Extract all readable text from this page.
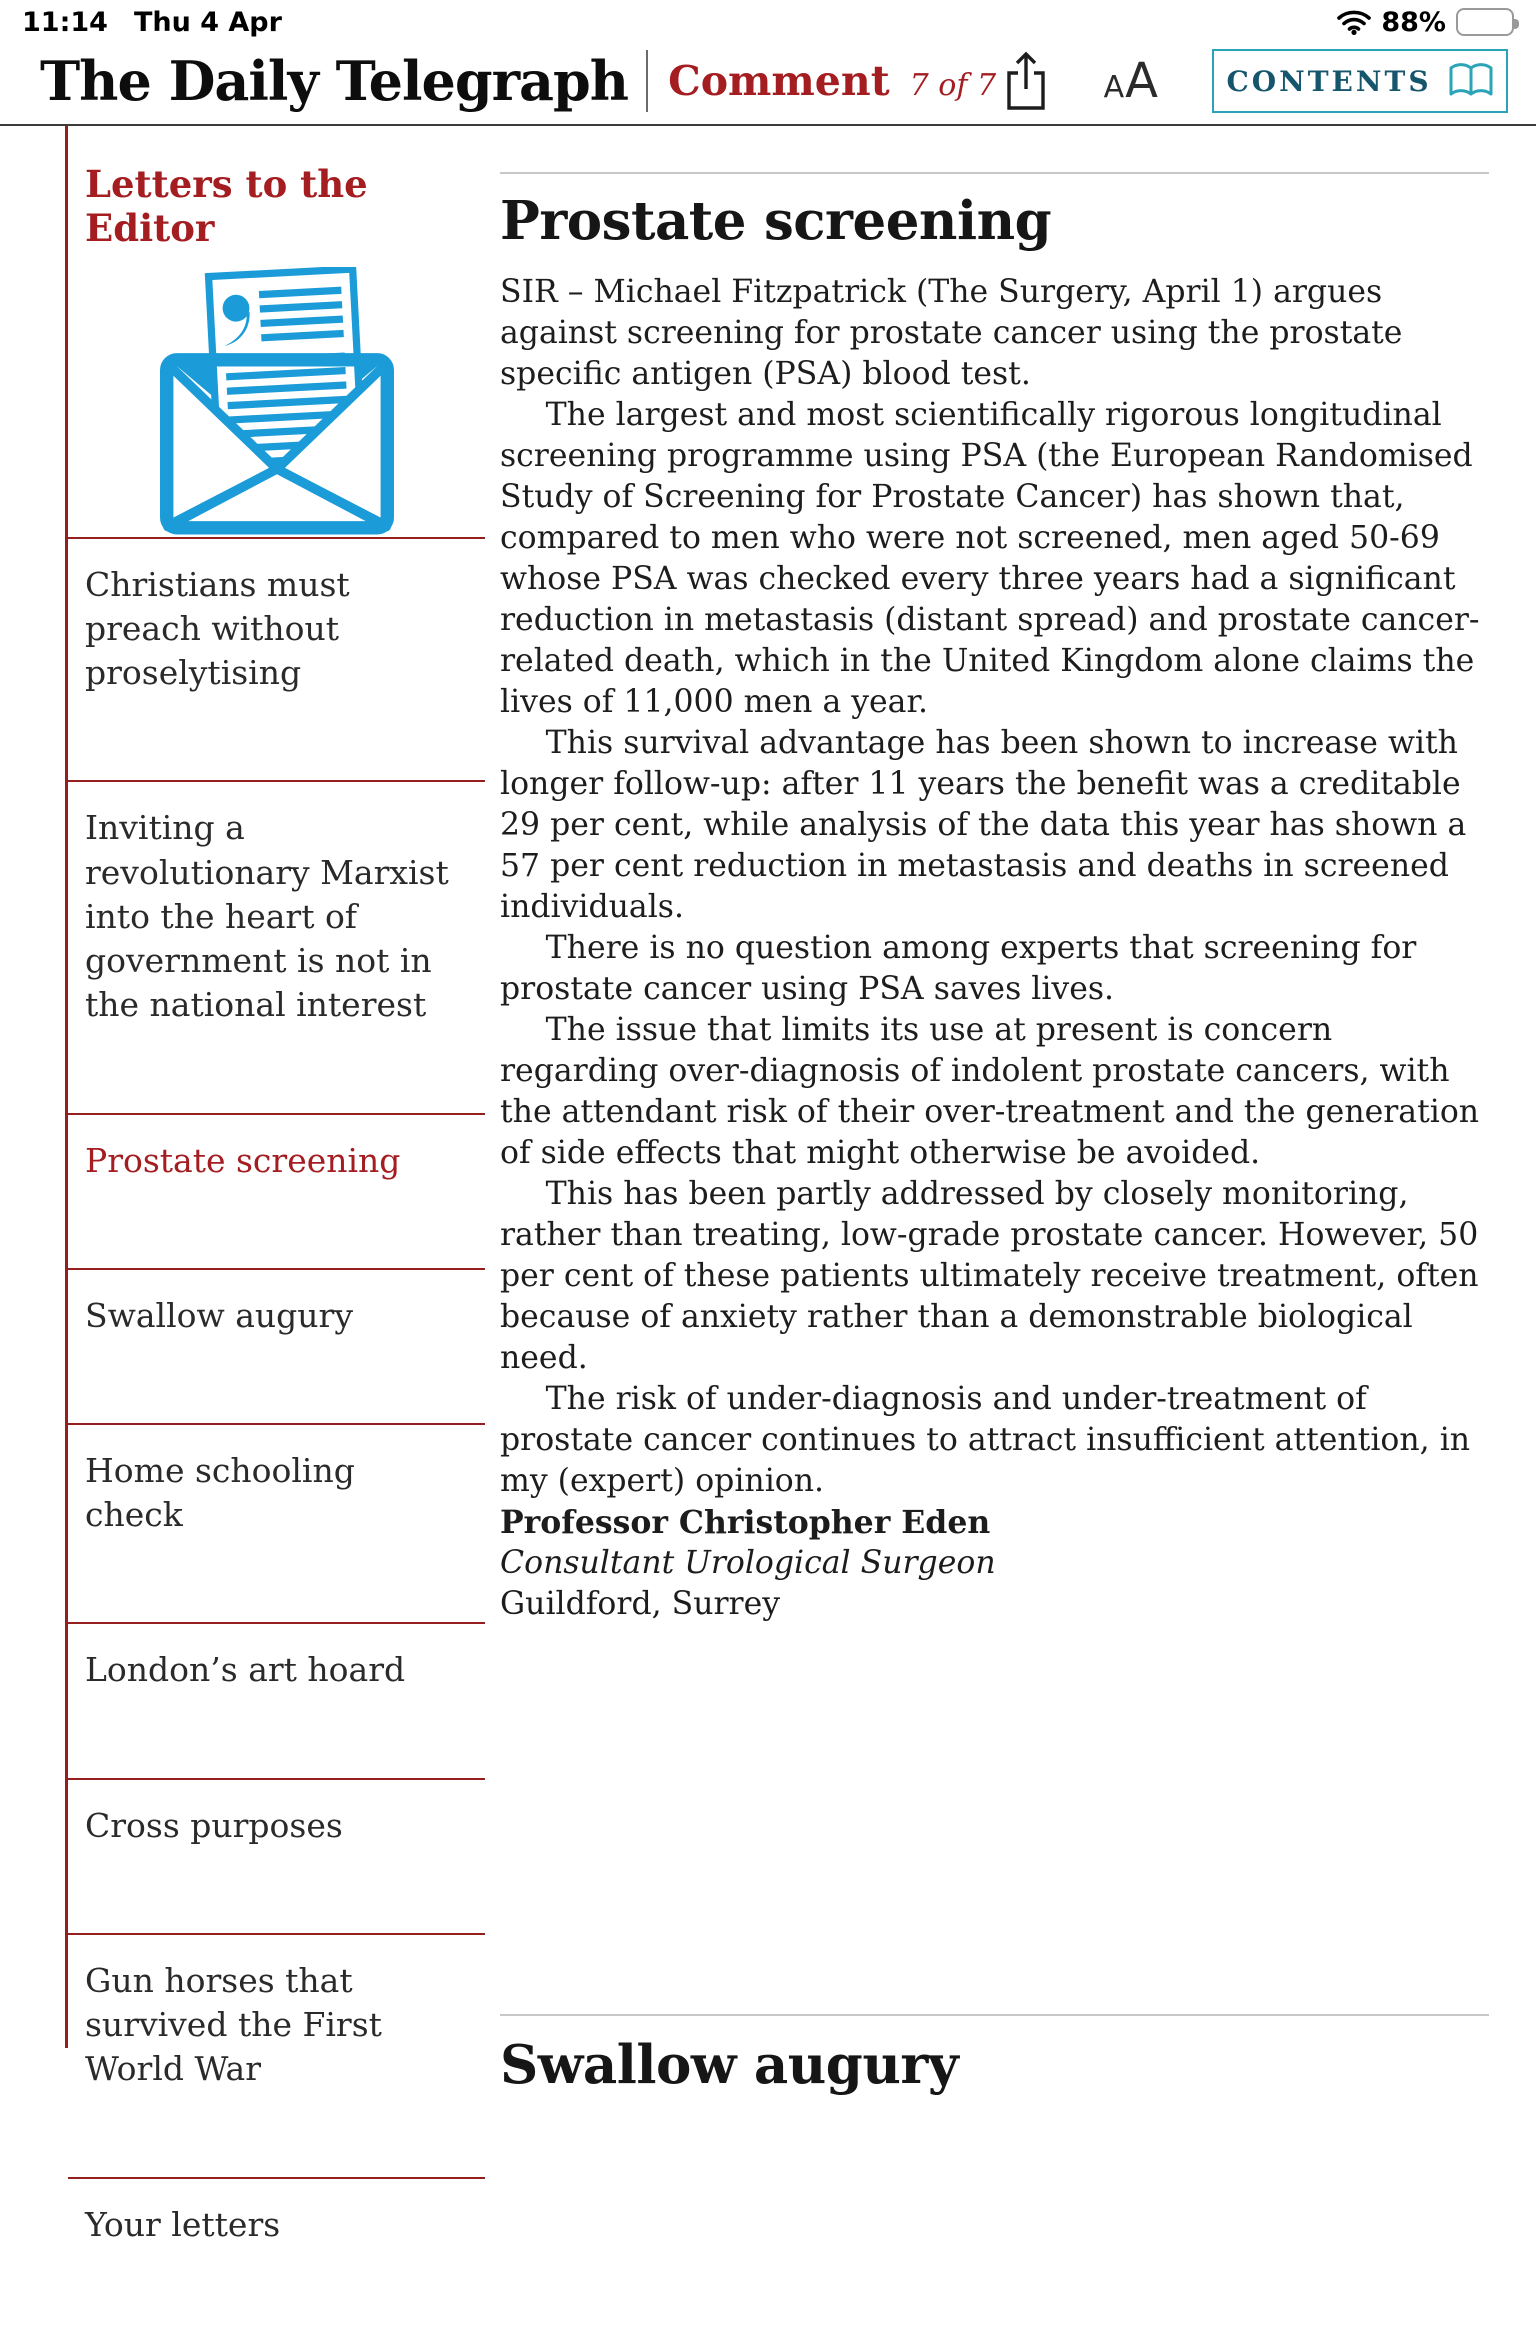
11:14 Thu 4 Apr	88%
The Daily Telegraph Comment 7 of 7	A A CONTENTS
Letters to the Editor
Christians must preach without proselytising
Inviting a revolutionary Marxist into the heart of government is not in the national interest
Prostate screening
Swallow augury
Home schooling check
London’s art hoard
Cross purposes
Gun horses that survived the First World War
Your letters
Prostate screening

SIR – Michael Fitzpatrick (The Surgery, April 1) argues against screening for prostate cancer using the prostate specific antigen (PSA) blood test.

The largest and most scientifically rigorous longitudinal screening programme using PSA (the European Randomised Study of Screening for Prostate Cancer) has shown that, compared to men who were not screened, men aged 50-69 whose PSA was checked every three years had a significant reduction in metastasis (distant spread) and prostate cancer-related death, which in the United Kingdom alone claims the lives of 11,000 men a year.

This survival advantage has been shown to increase with longer follow-up: after 11 years the benefit was a creditable 29 per cent, while analysis of the data this year has shown a 57 per cent reduction in metastasis and deaths in screened individuals.

There is no question among experts that screening for prostate cancer using PSA saves lives.

The issue that limits its use at present is concern regarding over-diagnosis of indolent prostate cancers, with the attendant risk of their over-treatment and the generation of side effects that might otherwise be avoided.

This has been partly addressed by closely monitoring, rather than treating, low-grade prostate cancer. However, 50 per cent of these patients ultimately receive treatment, often because of anxiety rather than a demonstrable biological need.

The risk of under-diagnosis and under-treatment of prostate cancer continues to attract insufficient attention, in my (expert) opinion.

Professor Christopher Eden
Consultant Urological Surgeon
Guildford, Surrey
Swallow augury
